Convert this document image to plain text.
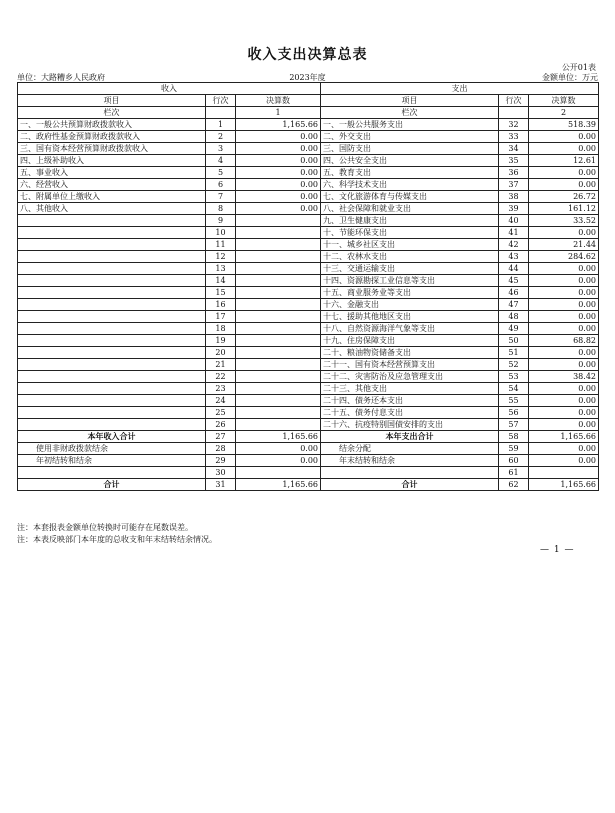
收入支出决算总表
公开01表
单位：大路糟乡人民政府	2023年度	金额单位：万元
收入			支出		
项目	行次	决算数	项目	行次	决算数
栏次		1	栏次		2
一、一般公共预算财政拨款收入	1	1,165.66	一、一般公共服务支出	32	518.39
二、政府性基金预算财政拨款收入	2	0.00	二、外交支出	33	0.00
三、国有资本经营预算财政拨款收入	3	0.00	三、国防支出	34	0.00
四、上级补助收入	4	0.00	四、公共安全支出	35	12.61
五、事业收入	5	0.00	五、教育支出	36	0.00
六、经营收入	6	0.00	六、科学技术支出	37	0.00
七、附属单位上缴收入	7	0.00	七、文化旅游体育与传媒支出	38	26.72
八、其他收入	8	0.00	八、社会保障和就业支出	39	161.12
	9		九、卫生健康支出	40	33.52
	10		十、节能环保支出	41	0.00
	11		十一、城乡社区支出	42	21.44
	12		十二、农林水支出	43	284.62
	13		十三、交通运输支出	44	0.00
	14		十四、资源勘探工业信息等支出	45	0.00
	15		十五、商业服务业等支出	46	0.00
	16		十六、金融支出	47	0.00
	17		十七、援助其他地区支出	48	0.00
	18		十八、自然资源海洋气象等支出	49	0.00
	19		十九、住房保障支出	50	68.82
	20		二十、粮油物资储备支出	51	0.00
	21		二十一、国有资本经营预算支出	52	0.00
	22		二十二、灾害防治及应急管理支出	53	38.42
	23		二十三、其他支出	54	0.00
	24		二十四、债务还本支出	55	0.00
	25		二十五、债务付息支出	56	0.00
	26		二十六、抗疫特别国债安排的支出	57	0.00
本年收入合计	27	1,165.66	本年支出合计	58	1,165.66
使用非财政拨款结余	28	0.00	结余分配	59	0.00
年初结转和结余	29	0.00	年末结转和结余	60	0.00
	30			61	
合计	31	1,165.66	合计	62	1,165.66
注：本套报表金额单位转换时可能存在尾数误差。
注：本表反映部门本年度的总收支和年末结转结余情况。
— 1 —
